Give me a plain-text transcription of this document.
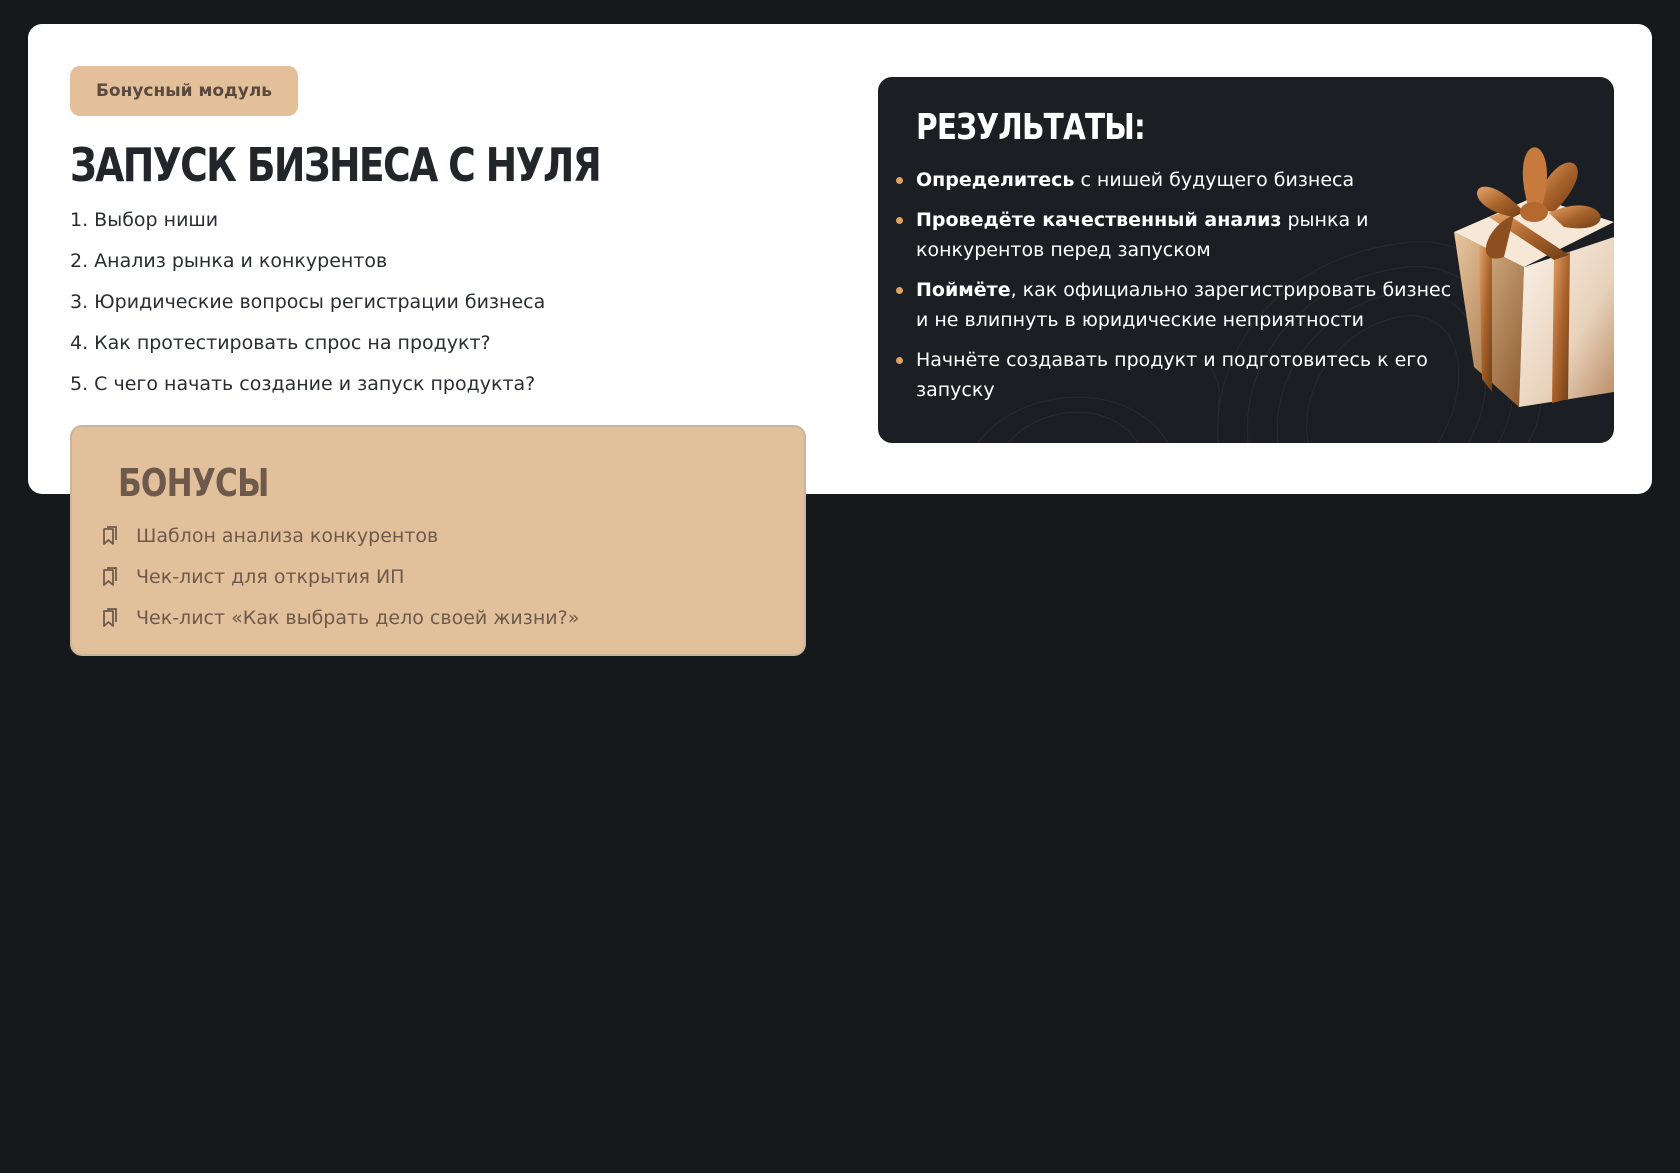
Бонусный модуль
ЗАПУСК БИЗНЕСА С НУЛЯ
1. Выбор ниши
2. Анализ рынка и конкурентов
3. Юридические вопросы регистрации бизнеса
4. Как протестировать спрос на продукт?
5. С чего начать создание и запуск продукта?
РЕЗУЛЬТАТЫ:
Определитесь с нишей будущего бизнеса
Проведёте качественный анализ рынка и конкурентов перед запуском
Поймёте, как официально зарегистрировать бизнес и не влипнуть в юридические неприятности
Начнёте создавать продукт и подготовитесь к его запуску
БОНУСЫ
Шаблон анализа конкурентов
Чек-лист для открытия ИП
Чек-лист «Как выбрать дело своей жизни?»
